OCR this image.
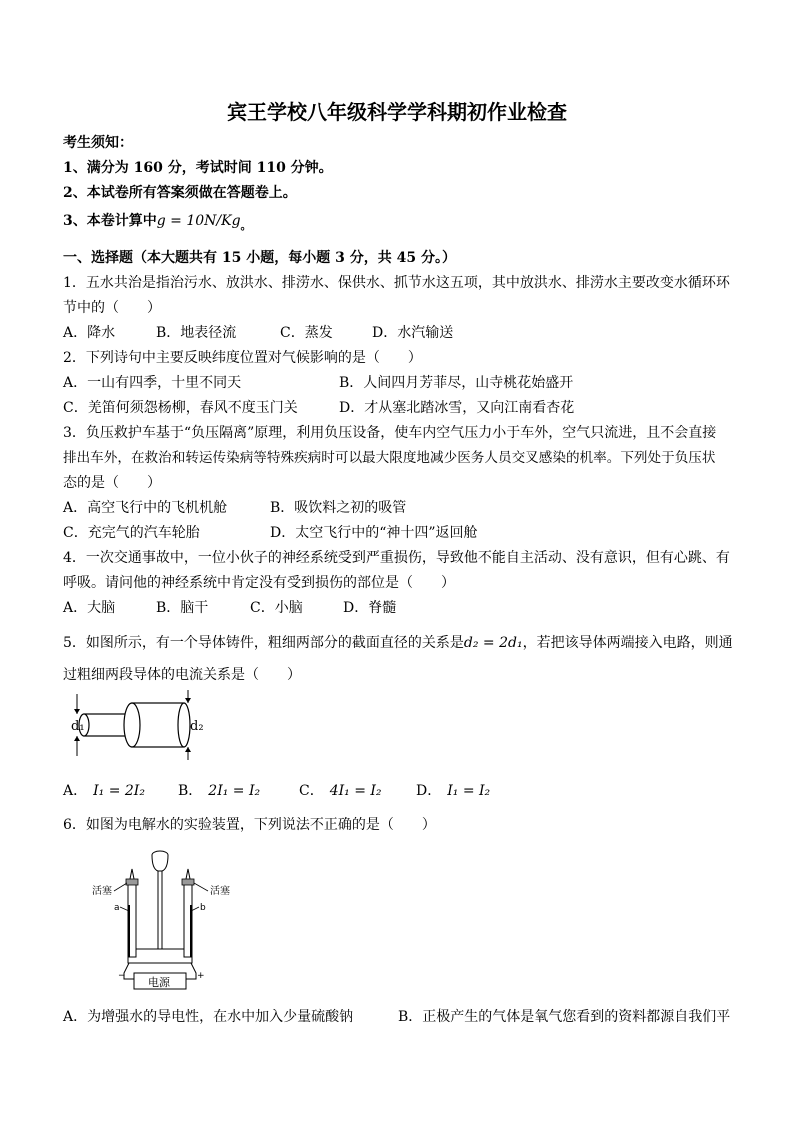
宾王学校八年级科学学科期初作业检查
考生须知：
1、满分为 160 分，考试时间 110 分钟。
2、本试卷所有答案须做在答题卷上。
3、本卷计算中$g = 10N/Kg_。$
一、选择题（本大题共有 15 小题，每小题 3 分，共 45 分。）
1．五水共治是指治污水、放洪水、排涝水、保供水、抓节水这五项，其中放洪水、排涝水主要改变水循环环
节中的（　　）
A．降水	B．地表径流	C．蒸发	D．水汽输送
2．下列诗句中主要反映纬度位置对气候影响的是（　　）
A．一山有四季，十里不同天	B．人间四月芳菲尽，山寺桃花始盛开
C．羌笛何须怨杨柳，春风不度玉门关	D．才从塞北踏冰雪，又向江南看杏花
3．负压救护车基于“负压隔离”原理，利用负压设备，使车内空气压力小于车外，空气只流进，且不会直接
排出车外，在救治和转运传染病等特殊疾病时可以最大限度地减少医务人员交叉感染的机率。下列处于负压状
态的是（　　）
A．高空飞行中的飞机机舱	B．吸饮料之初的吸管
C．充完气的汽车轮胎	D．太空飞行中的“神十四”返回舱
4．一次交通事故中，一位小伙子的神经系统受到严重损伤，导致他不能自主活动、没有意识，但有心跳、有
呼吸。请问他的神经系统中肯定没有受到损伤的部位是（　　）
A．大脑	B．脑干	C．小脑	D．脊髓
5．如图所示，有一个导体铸件，粗细两部分的截面直径的关系是d₂ = 2d₁，若把该导体两端接入电路，则通
过粗细两段导体的电流关系是（　　）
d₁	d₂
A． I₁ = 2I₂ B． 2I₁ = I₂	C． 4I₁ = I₂ D． I₁ = I₂
6．如图为电解水的实验装置，下列说法不正确的是（　　）
活塞
a
活塞
b
−	+
电源
A．为增强水的导电性，在水中加入少量硫酸钠	B．正极产生的气体是氧气您看到的资料都源自我们平
